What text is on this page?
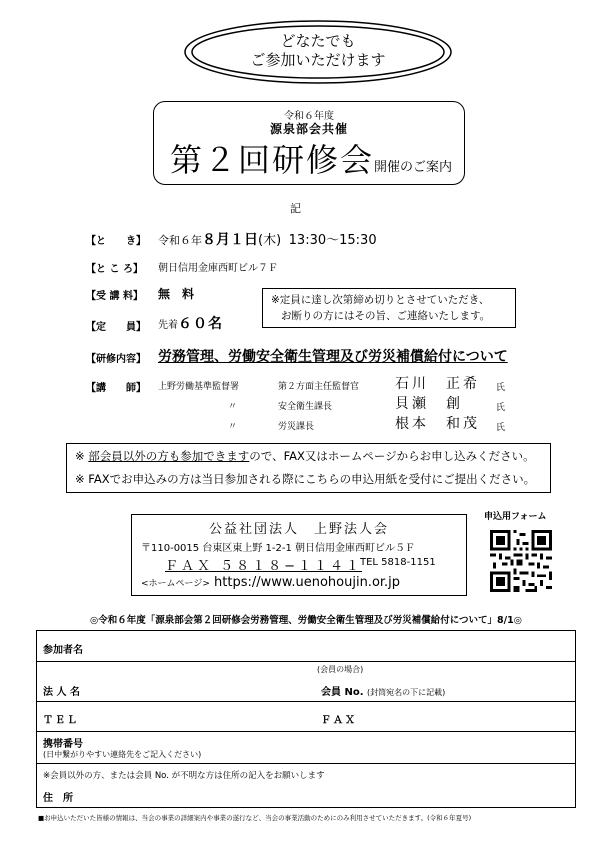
どなたでも
ご参加いただけます
令和６年度
源泉部会共催
第２回研修会開催のご案内
記
【と　　き】 令和６年８月１日(木) 13:30〜15:30
【と こ ろ】 朝日信用金庫西町ビル７Ｆ
【受 講 料】 無　料
【定　　員】 先着６０名
※定員に達し次第締め切りとさせていただき、
お断りの方にはその旨、ご連絡いたします。
【研修内容】 労務管理、労働安全衛生管理及び労災補償給付について
【講　　師】 上野労働基準監督署	第２方面主任監督官	石川　正希 氏
〃	安全衛生課長	貝瀬　創	氏
〃	労災課長	根本　和茂 氏
※ 部会員以外の方も参加できますので、FAX又はホームページからお申し込みください。
※ FAXでお申込みの方は当日参加される際にこちらの申込用紙を受付にご提出ください。
公益社団法人　上野法人会
〒110-0015 台東区東上野 1-2-1 朝日信用金庫西町ビル５Ｆ
ＦＡＸ ５８１８−１１４１
TEL 5818-1151
<ホームページ> https://www.uenohoujin.or.jp
申込用フォーム
◎令和６年度「源泉部会第２回研修会労務管理、労働安全衛生管理及び労災補償給付について」8/1◎
参加者名
(会員の場合)
法 人 名	会員 No. (封筒宛名の下に記載)
ＴＥＬ	ＦＡＸ
携帯番号
(日中繋がりやすい連絡先をご記入ください)
※会員以外の方、または会員 No. が不明な方は住所の記入をお願いします
住　所
■お申込いただいた皆様の情報は、当会の事業の詳細案内や事業の遂行など、当会の事業活動のためにのみ利用させていただきます。(令和６年夏号)
